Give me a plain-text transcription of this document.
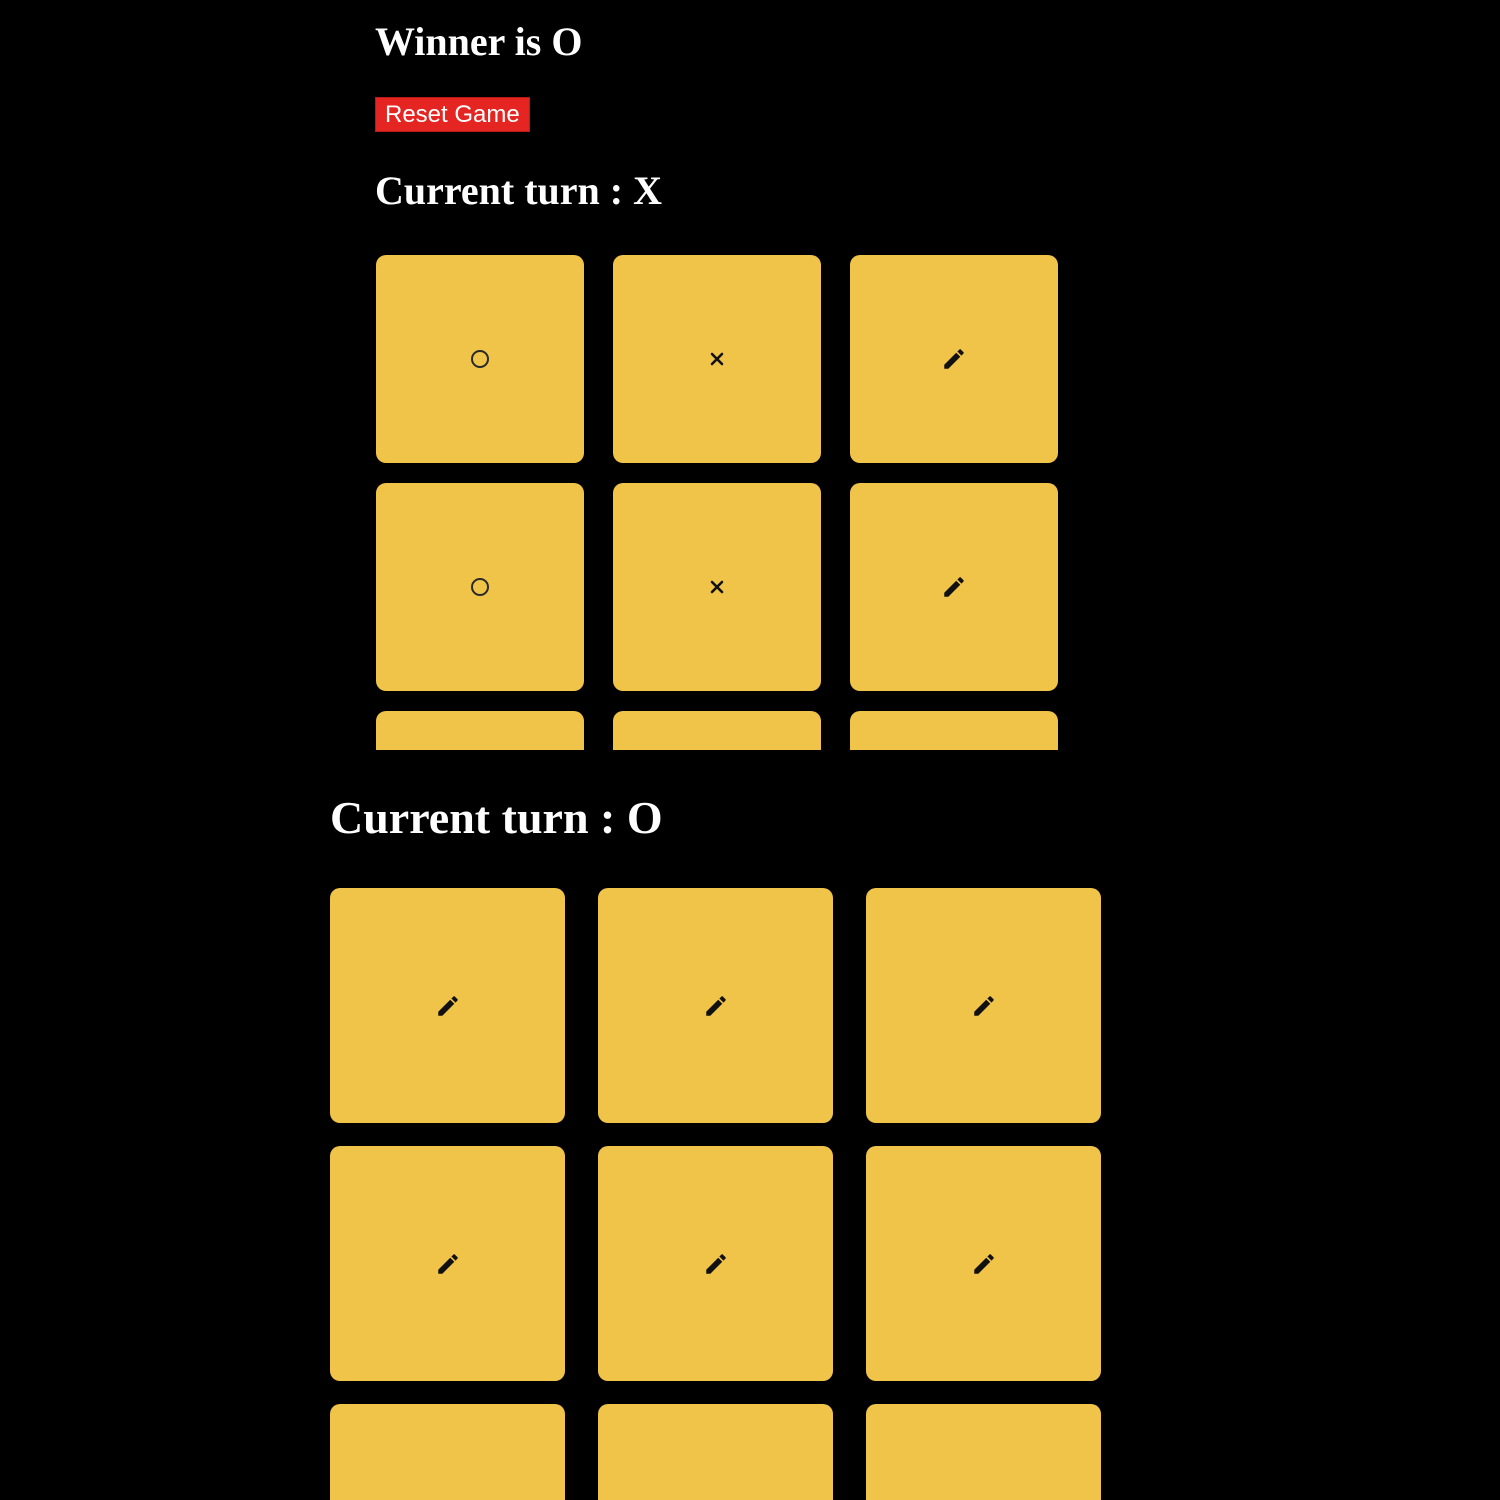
Winner is O
Reset Game
Current turn : X
Current turn : O
